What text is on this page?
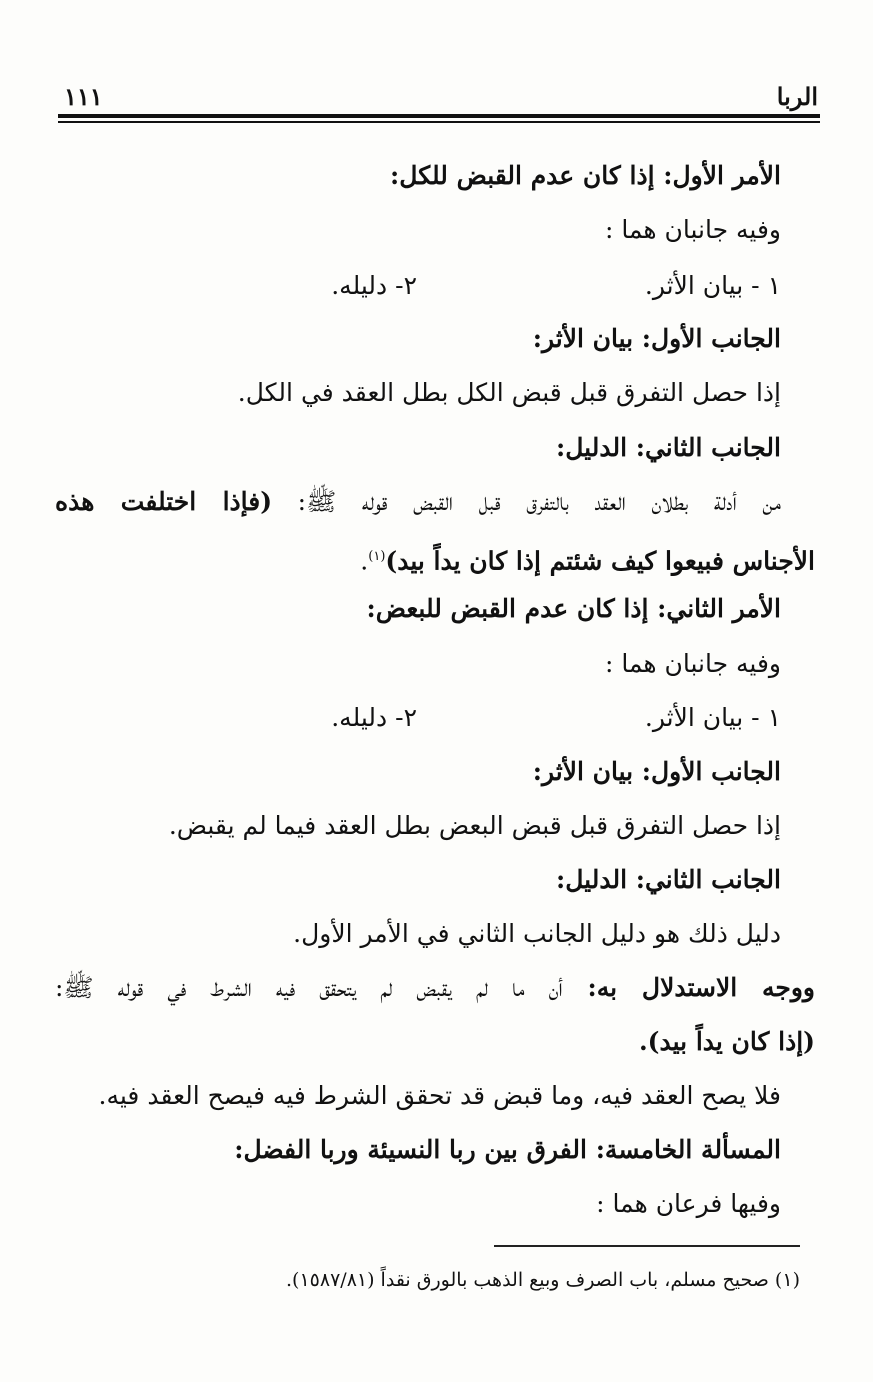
الربا
١١١
الأمر الأول: إذا كان عدم القبض للكل:
وفيه جانبان هما :
١ - بيان الأثر.
٢- دليله.
الجانب الأول: بيان الأثر:
إذا حصل التفرق قبل قبض الكل بطل العقد في الكل.
الجانب الثاني: الدليل:
من أدلة بطلان العقد بالتفرق قبل القبض قوله ﷺ: (فإذا اختلفت هذه
الأجناس فبيعوا كيف شئتم إذا كان يداً بيد)$^{(١)}$.
الأمر الثاني: إذا كان عدم القبض للبعض:
وفيه جانبان هما :
١ - بيان الأثر.
٢- دليله.
الجانب الأول: بيان الأثر:
إذا حصل التفرق قبل قبض البعض بطل العقد فيما لم يقبض.
الجانب الثاني: الدليل:
دليل ذلك هو دليل الجانب الثاني في الأمر الأول.
ووجه الاستدلال به: أن ما لم يقبض لم يتحقق فيه الشرط في قوله ﷺ:
(إذا كان يداً بيد).
فلا يصح العقد فيه، وما قبض قد تحقق الشرط فيه فيصح العقد فيه.
المسألة الخامسة: الفرق بين ربا النسيئة وربا الفضل:
وفيها فرعان هما :
(١) صحيح مسلم، باب الصرف وبيع الذهب بالورق نقداً (١٥٨٧/٨١).
